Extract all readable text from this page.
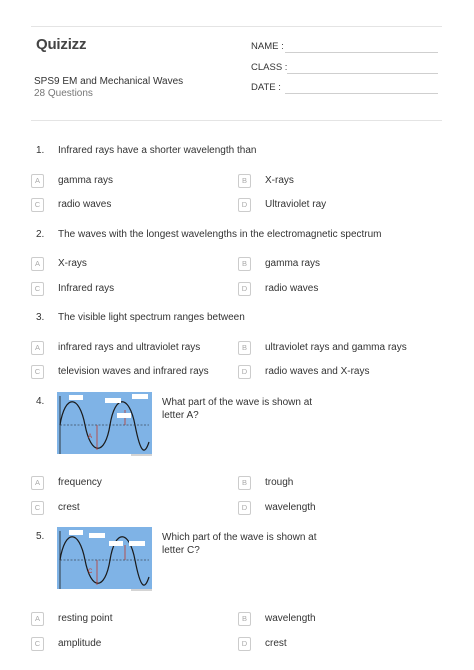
Quizizz
SPS9 EM and Mechanical Waves
28 Questions
NAME :
CLASS :
DATE :
1. Infrared rays have a shorter wavelength than
A	gamma rays	B	X-rays
C	radio waves	D	Ultraviolet ray
2. The waves with the longest wavelengths in the electromagnetic spectrum
A	X-rays	B	gamma rays
C	Infrared rays	D	radio waves
3. The visible light spectrum ranges between
A	infrared rays and ultraviolet rays	B	ultraviolet rays and gamma rays
C	television waves and infrared rays	D	radio waves and X-rays
4.
A
What part of the wave is shown at letter A?
A	frequency	B	trough
C	crest	D	wavelength
5.
C
Which part of the wave is shown at letter C?
A	resting point	B	wavelength
C	amplitude	D	crest
